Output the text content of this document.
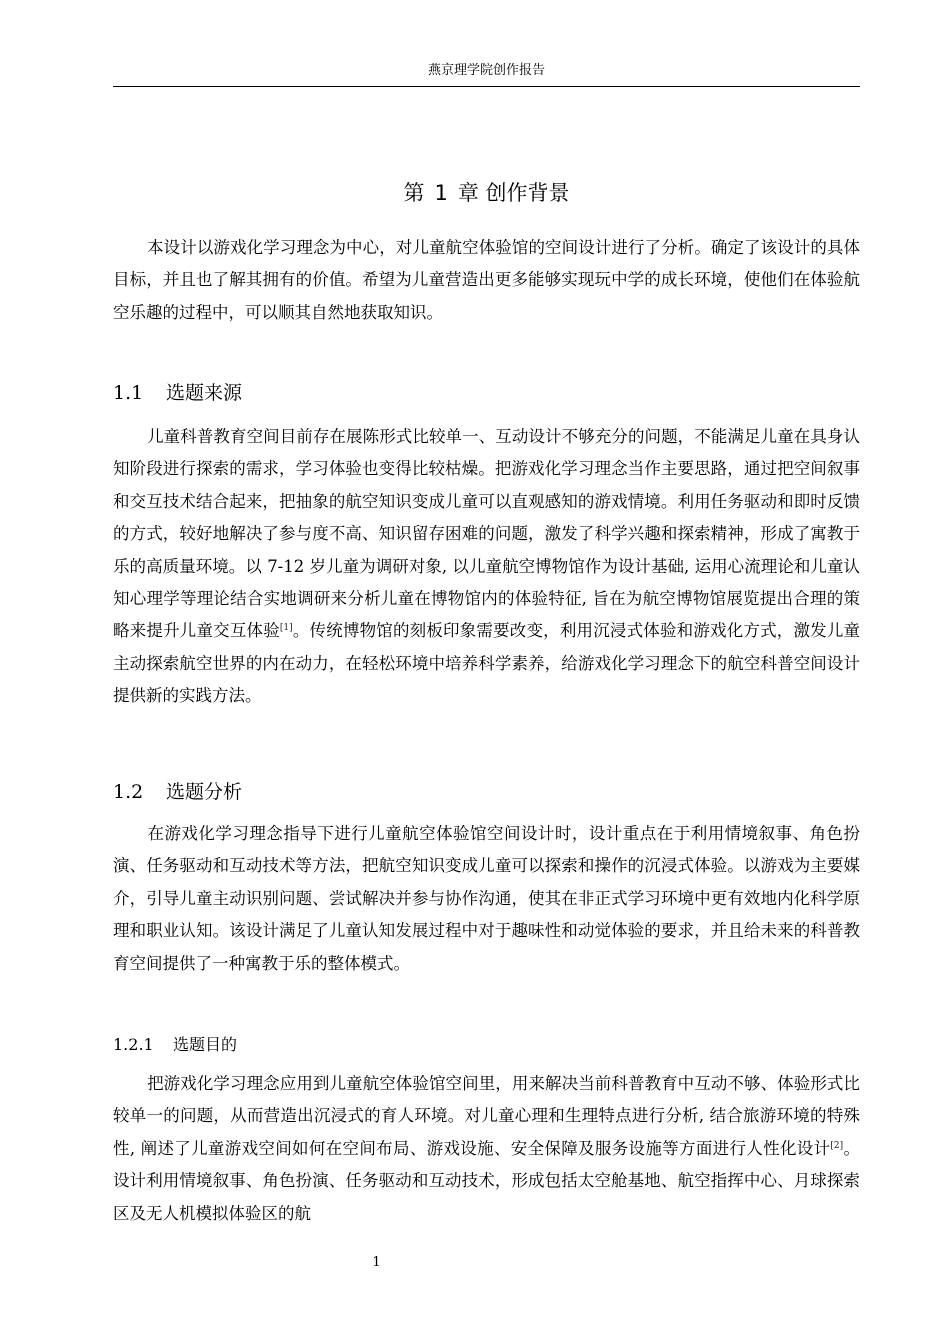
燕京理学院创作报告
第 1 章 创作背景

本设计以游戏化学习理念为中心，对儿童航空体验馆的空间设计进行了分析。确定了该设计的具体目标，并且也了解其拥有的价值。希望为儿童营造出更多能够实现玩中学的成长环境，使他们在体验航空乐趣的过程中，可以顺其自然地获取知识。

1.1 选题来源

儿童科普教育空间目前存在展陈形式比较单一、互动设计不够充分的问题，不能满足儿童在具身认知阶段进行探索的需求，学习体验也变得比较枯燥。把游戏化学习理念当作主要思路，通过把空间叙事和交互技术结合起来，把抽象的航空知识变成儿童可以直观感知的游戏情境。利用任务驱动和即时反馈的方式，较好地解决了参与度不高、知识留存困难的问题，激发了科学兴趣和探索精神，形成了寓教于乐的高质量环境。以 7-12 岁儿童为调研对象, 以儿童航空博物馆作为设计基础, 运用心流理论和儿童认知心理学等理论结合实地调研来分析儿童在博物馆内的体验特征, 旨在为航空博物馆展览提出合理的策略来提升儿童交互体验[1]。传统博物馆的刻板印象需要改变，利用沉浸式体验和游戏化方式，激发儿童主动探索航空世界的内在动力，在轻松环境中培养科学素养，给游戏化学习理念下的航空科普空间设计提供新的实践方法。

1.2 选题分析

在游戏化学习理念指导下进行儿童航空体验馆空间设计时，设计重点在于利用情境叙事、角色扮演、任务驱动和互动技术等方法，把航空知识变成儿童可以探索和操作的沉浸式体验。以游戏为主要媒介，引导儿童主动识别问题、尝试解决并参与协作沟通，使其在非正式学习环境中更有效地内化科学原理和职业认知。该设计满足了儿童认知发展过程中对于趣味性和动觉体验的要求，并且给未来的科普教育空间提供了一种寓教于乐的整体模式。

1.2.1 选题目的

把游戏化学习理念应用到儿童航空体验馆空间里，用来解决当前科普教育中互动不够、体验形式比较单一的问题，从而营造出沉浸式的育人环境。对儿童心理和生理特点进行分析, 结合旅游环境的特殊性, 阐述了儿童游戏空间如何在空间布局、游戏设施、安全保障及服务设施等方面进行人性化设计[2]。设计利用情境叙事、角色扮演、任务驱动和互动技术，形成包括太空舱基地、航空指挥中心、月球探索区及无人机模拟体验区的航

1
